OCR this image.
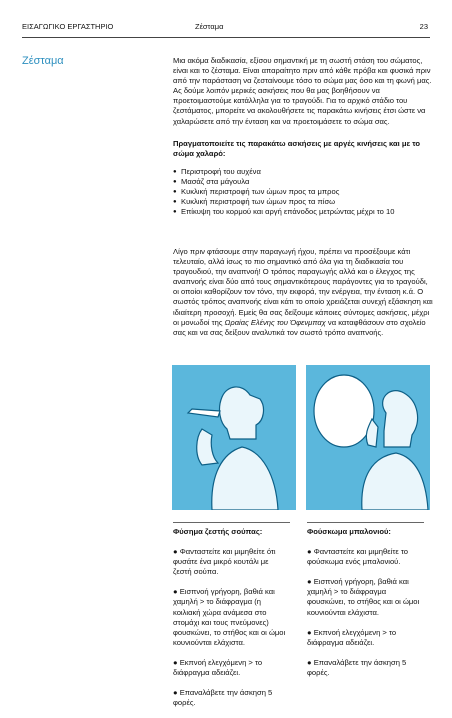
ΕΙΣΑΓΩΓΙΚΟ ΕΡΓΑΣΤΗΡΙΟ	Ζέσταμα	23
Ζέσταμα	Μια ακόμα διαδικασία, εξίσου σημαντική με τη σωστή στάση του σώματος, είναι και το ζέσταμα. Είναι απαραίτητο πριν από κάθε πρόβα και φυσικά πριν από την παράσταση να ζεσταίνουμε τόσο το σώμα μας όσο και τη φωνή μας. Ας δούμε λοιπόν μερικές ασκήσεις που θα μας βοηθήσουν να προετοιμαστούμε κατάλληλα για το τραγούδι. Για το αρχικό στάδιο του ζεστάματος, μπορείτε να ακολουθήσετε τις παρακάτω κινήσεις έτσι ώστε να χαλαρώσετε από την ένταση και να προετοιμάσετε το σώμα σας.
Πραγματοποιείτε τις παρακάτω ασκήσεις με αργές κινήσεις και με το σώμα χαλαρό:
● Περιστροφή του αυχένα
● Μασάζ στα μάγουλα
● Κυκλική περιστροφή των ώμων προς τα μπρος
● Κυκλική περιστροφή των ώμων προς τα πίσω
● Επίκυψη του κορμού και αργή επάνοδος μετρώντας μέχρι το 10

Λίγο πριν φτάσουμε στην παραγωγή ήχου, πρέπει να προσέξουμε κάτι τελευταίο, αλλά ίσως το πιο σημαντικό από όλα για τη διαδικασία του τραγουδιού, την αναπνοή! Ο τρόπος παραγωγής αλλά και ο έλεγχος της αναπνοής είναι δύο από τους σημαντικότερους παράγοντες για το τραγούδι, οι οποίοι καθορίζουν τον τόνο, την εκφορά, την ενέργεια, την ένταση κ.ά. Ο σωστός τρόπος αναπνοής είναι κάτι το οποίο χρειάζεται συνεχή εξάσκηση και ιδιαίτερη προσοχή. Εμείς θα σας δείξουμε κάποιες σύντομες ασκήσεις, μέχρι οι μονωδοί της Ωραίας Ελένης του Όφενμπαχ να καταφθάσουν στο σχολείο σας και να σας δείξουν αναλυτικά τον σωστό τρόπο αναπνοής.

Φύσημα ζεστής σούπας:
● Φανταστείτε και μιμηθείτε ότι φυσάτε ένα μικρό κουτάλι με ζεστή σούπα.
● Εισπνοή γρήγορη, βαθιά και χαμηλή > το διάφραγμα (η κοιλιακή χώρα ανάμεσα στο στομάχι και τους πνεύμονες) φουσκώνει, το στήθος και οι ώμοι κουνιούνται ελάχιστα.
● Εκπνοή ελεγχόμενη > το διάφραγμα αδειάζει.
● Επαναλάβετε την άσκηση 5 φορές.
Φούσκωμα μπαλονιού:
● Φανταστείτε και μιμηθείτε το φούσκωμα ενός μπαλονιού.
● Εισπνοή γρήγορη, βαθιά και χαμηλή > το διάφραγμα φουσκώνει, το στήθος και οι ώμοι κουνιούνται ελάχιστα.
● Εκπνοή ελεγχόμενη > το διάφραγμα αδειάζει.
● Επαναλάβετε την άσκηση 5 φορές.
